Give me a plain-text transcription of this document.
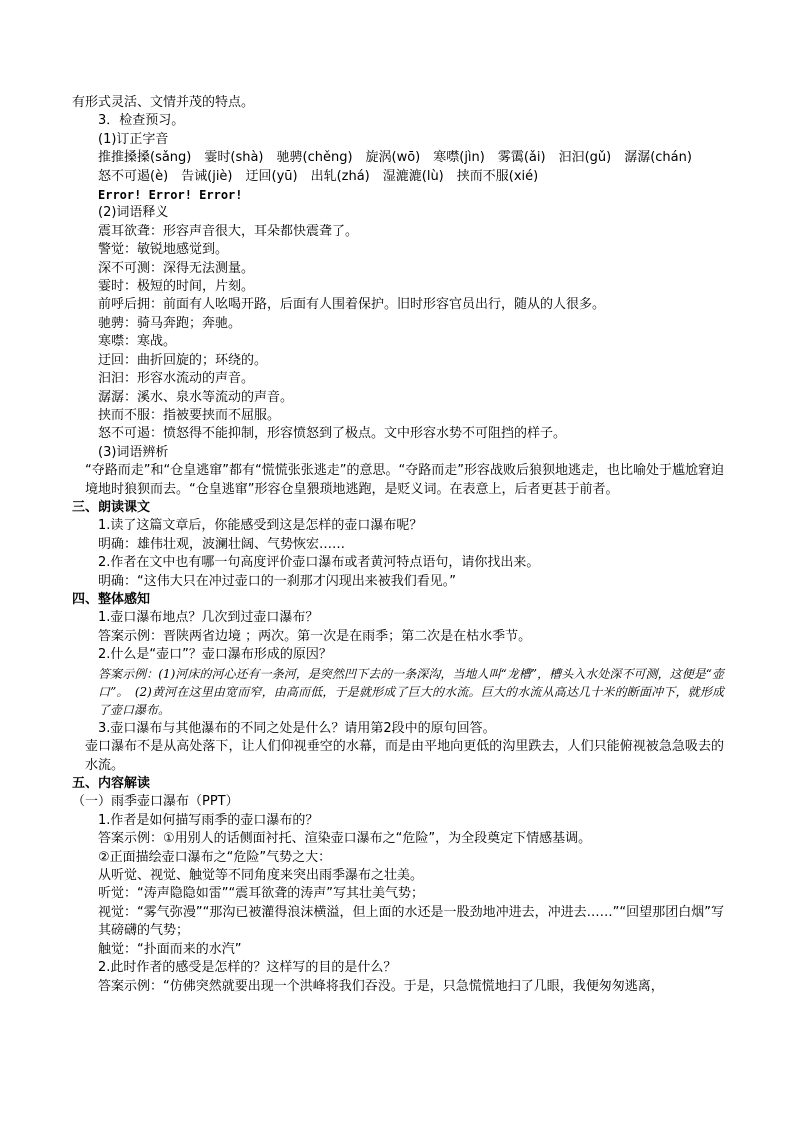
有形式灵活、文情并茂的特点。

3．检查预习。

(1)订正字音

推推搡搡(sǎng)　霎时(shà)　驰骋(chěng)　旋涡(wō)　寒噤(jìn)　雾霭(ǎi)　汩汩(gǔ)　潺潺(chán)

怒不可遏(è)　告诫(jiè)　迂回(yū)　出轧(zhá)　湿漉漉(lù)　挟而不服(xié)

Error! Error! Error!

(2)词语释义

震耳欲聋：形容声音很大，耳朵都快震聋了。

警觉：敏锐地感觉到。

深不可测：深得无法测量。

霎时：极短的时间，片刻。

前呼后拥：前面有人吆喝开路，后面有人围着保护。旧时形容官员出行，随从的人很多。

驰骋：骑马奔跑；奔驰。

寒噤：寒战。

迂回：曲折回旋的；环绕的。

汩汩：形容水流动的声音。

潺潺：溪水、泉水等流动的声音。

挟而不服：指被要挟而不屈服。

怒不可遏：愤怒得不能抑制，形容愤怒到了极点。文中形容水势不可阻挡的样子。

(3)词语辨析

“夺路而走”和“仓皇逃窜”都有“慌慌张张逃走”的意思。“夺路而走”形容战败后狼狈地逃走，也比喻处于尴尬窘迫境地时狼狈而去。“仓皇逃窜”形容仓皇猥琐地逃跑，是贬义词。在表意上，后者更甚于前者。

三、朗读课文

1.读了这篇文章后，你能感受到这是怎样的壶口瀑布呢？

明确：雄伟壮观，波澜壮阔、气势恢宏……

2.作者在文中也有哪一句高度评价壶口瀑布或者黄河特点语句，请你找出来。

明确：“这伟大只在冲过壶口的一刹那才闪现出来被我们看见。”

四、整体感知

1.壶口瀑布地点？几次到过壶口瀑布？

答案示例：晋陕两省边境 ；两次。第一次是在雨季；第二次是在枯水季节。

2.什么是“壶口”？壶口瀑布形成的原因？

答案示例：(1)河床的河心还有一条河，是突然凹下去的一条深沟，当地人叫“龙槽”，槽头入水处深不可测，这便是“壶口”。　(2)黄河在这里由宽而窄，由高而低，于是就形成了巨大的水流。巨大的水流从高达几十米的断面冲下，就形成了壶口瀑布。

3.壶口瀑布与其他瀑布的不同之处是什么？请用第2段中的原句回答。

壶口瀑布不是从高处落下，让人们仰视垂空的水幕，而是由平地向更低的沟里跌去，人们只能俯视被急急吸去的水流。

五、内容解读

（一）雨季壶口瀑布（PPT）

1.作者是如何描写雨季的壶口瀑布的？

答案示例：①用别人的话侧面衬托、渲染壶口瀑布之“危险”，为全段奠定下情感基调。

②正面描绘壶口瀑布之“危险”气势之大：

从听觉、视觉、触觉等不同角度来突出雨季瀑布之壮美。

听觉：“涛声隐隐如雷”“震耳欲聋的涛声”写其壮美气势；

视觉：“雾气弥漫”“那沟已被灌得浪沫横溢，但上面的水还是一股劲地冲进去，冲进去……”“回望那团白烟”写其磅礴的气势；

触觉：“扑面而来的水汽”

2.此时作者的感受是怎样的？这样写的目的是什么？

答案示例：“仿佛突然就要出现一个洪峰将我们吞没。于是，只急慌慌地扫了几眼，我便匆匆逃离，
